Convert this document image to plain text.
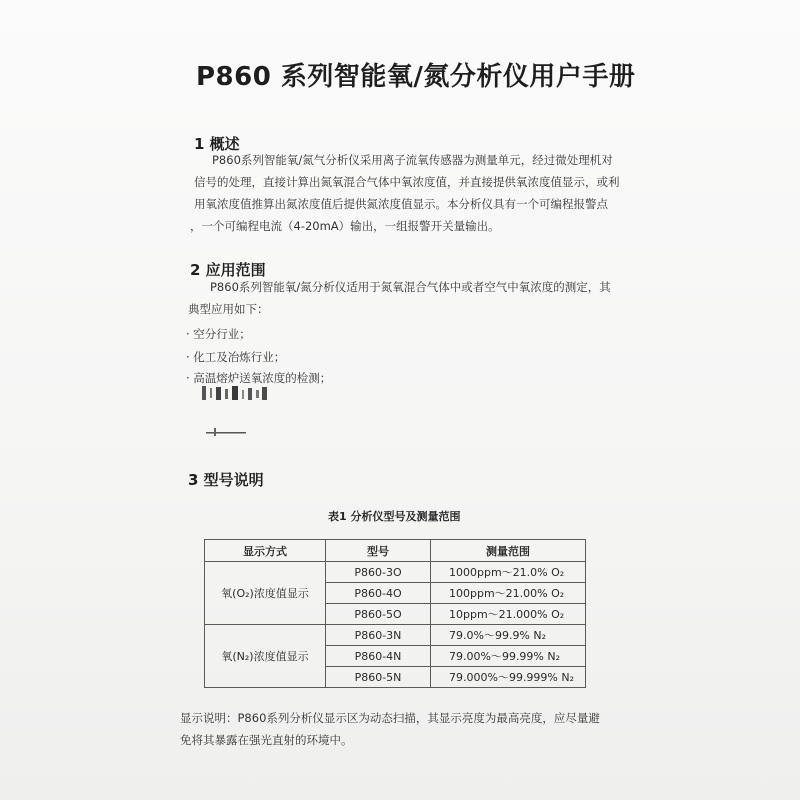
P860 系列智能氧/氮分析仪用户手册
1 概述
P860系列智能氧/氮气分析仪采用离子流氧传感器为测量单元，经过微处理机对
信号的处理，直接计算出氮氧混合气体中氧浓度值，并直接提供氧浓度值显示，或利
用氧浓度值推算出氮浓度值后提供氮浓度值显示。本分析仪具有一个可编程报警点
，一个可编程电流（4-20mA）输出，一组报警开关量输出。
2 应用范围
P860系列智能氧/氮分析仪适用于氮氧混合气体中或者空气中氧浓度的测定，其
典型应用如下：
· 空分行业；
· 化工及冶炼行业；
· 高温熔炉送氧浓度的检测；
3 型号说明
表1 分析仪型号及测量范围
显示方式	型号	测量范围
氧(O₂)浓度值显示	P860-3O	1000ppm～21.0% O₂
	P860-4O	100ppm～21.00% O₂
	P860-5O	10ppm～21.000% O₂
氧(N₂)浓度值显示	P860-3N	79.0%～99.9% N₂
	P860-4N	79.00%～99.99% N₂
	P860-5N	79.000%～99.999% N₂
显示说明：P860系列分析仪显示区为动态扫描，其显示亮度为最高亮度，应尽量避
免将其暴露在强光直射的环境中。
